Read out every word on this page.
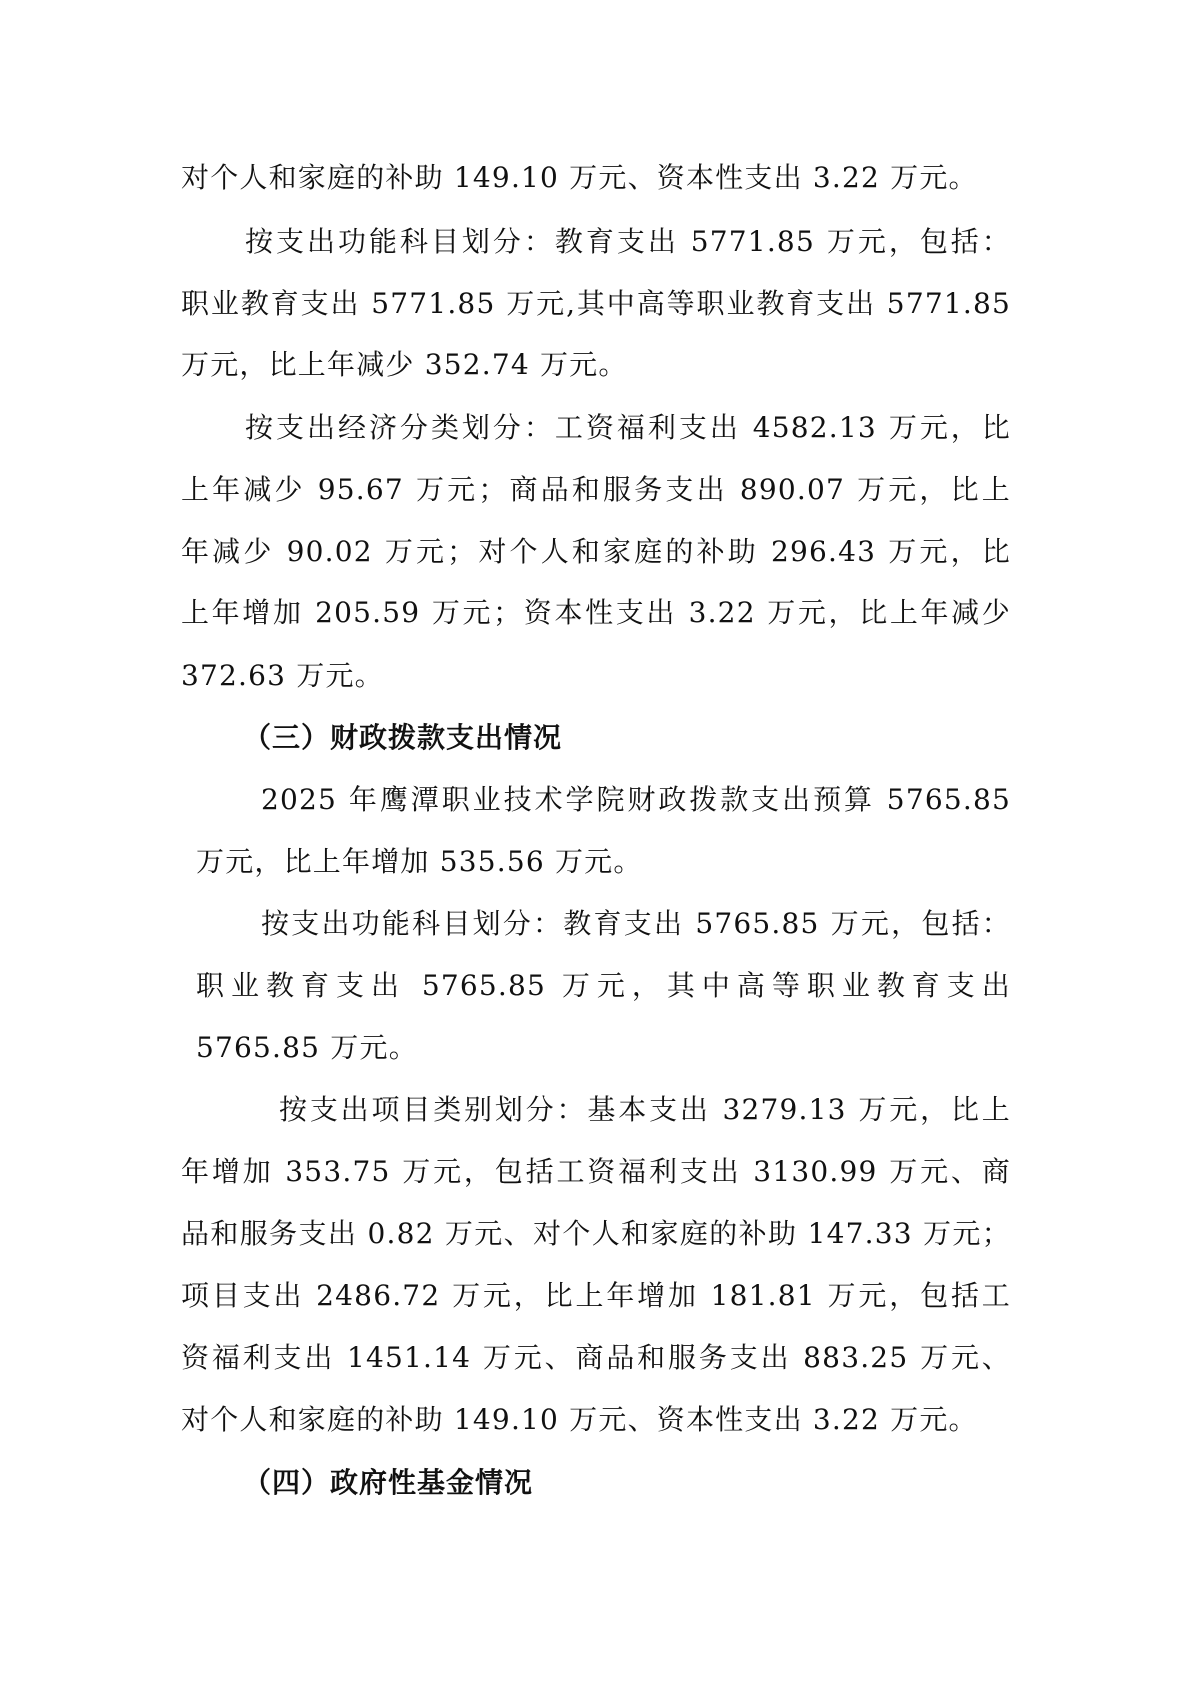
对个人和家庭的补助 149.10 万元、资本性支出 3.22 万元。
按支出功能科目划分：教育支出 5771.85 万元，包括：
职业教育支出 5771.85 万元,其中高等职业教育支出 5771.85
万元，比上年减少 352.74 万元。
按支出经济分类划分：工资福利支出 4582.13 万元，比
上年减少 95.67 万元；商品和服务支出 890.07 万元，比上
年减少 90.02 万元；对个人和家庭的补助 296.43 万元，比
上年增加 205.59 万元；资本性支出 3.22 万元，比上年减少
372.63 万元。
（三）财政拨款支出情况
2025 年鹰潭职业技术学院财政拨款支出预算 5765.85
万元，比上年增加 535.56 万元。
按支出功能科目划分：教育支出 5765.85 万元，包括：
职业教育支出 5765.85 万元，其中高等职业教育支出
5765.85 万元。
按支出项目类别划分：基本支出 3279.13 万元，比上
年增加 353.75 万元，包括工资福利支出 3130.99 万元、商
品和服务支出 0.82 万元、对个人和家庭的补助 147.33 万元；
项目支出 2486.72 万元，比上年增加 181.81 万元，包括工
资福利支出 1451.14 万元、商品和服务支出 883.25 万元、
对个人和家庭的补助 149.10 万元、资本性支出 3.22 万元。
（四）政府性基金情况
